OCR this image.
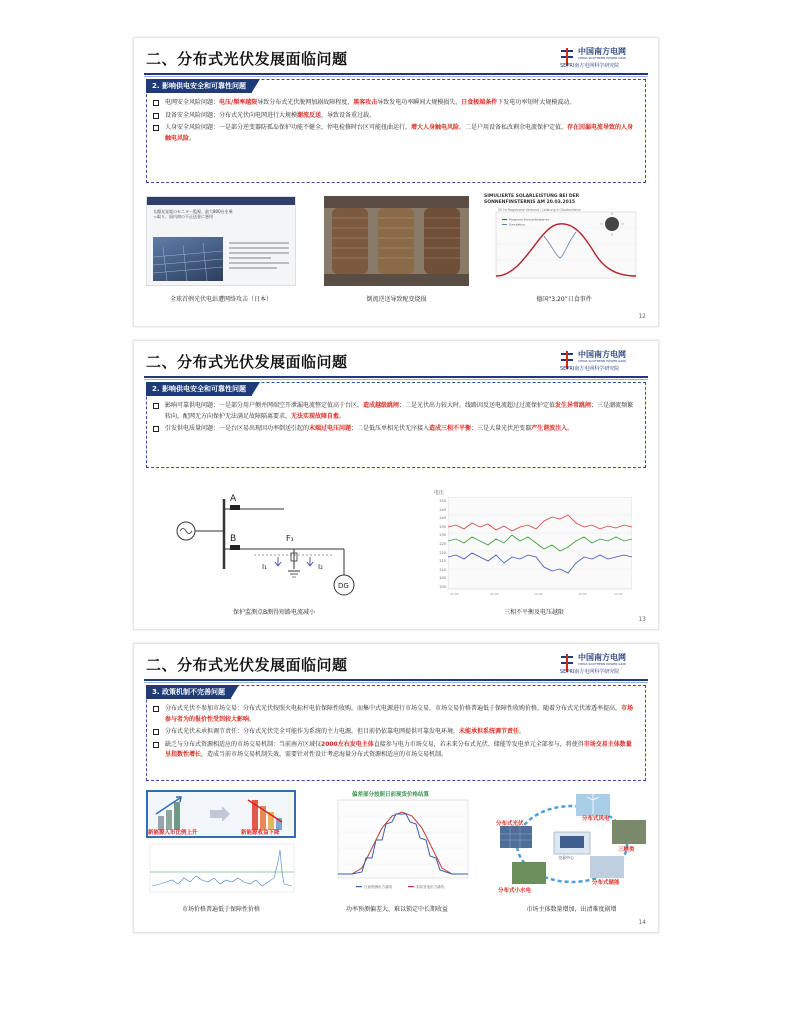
二、分布式光伏发展面临问题	中国南方电网
CHINA SOUTHERN POWER GRID
SEPRI南方电网科学研究院
2. 影响供电安全和可靠性问题
电网安全风险问题：电压/频率越限导致分布式光伏脱网加剧故障程度，黑客攻击导致发电功率瞬间大规模损失、日食极端条件下发电功率短时大规模波动。
设备安全风险问题：分布式光伏向电网进行大规模潮流反送，导致设备重过载。
人身安全风险问题：一是部分逆变器防孤岛保护功能不健全，停电检修时台区可能扭曲运行，增大人身触电风险。二是户用设备私改剩余电流保护定值，存在因漏电流导致的人身触电风险。
太陽光発電のモニター監視、最大800台を乗っ取り、国内初の不正送金に悪用
全球首例光伏电站遭网络攻击（日本）	倒流逆送导致配变烧损
SIMULIERTE SOLARLEISTUNG BEI DER SONNENFINSTERNIS AM 20.03.2015
50 Hz Regelzone Verbund / Leistung in Deutschland
Prognose Sonnenfinsternis
Simulation
德国“3.20”日食事件
12
二、分布式光伏发展面临问题	中国南方电网
CHINA SOUTHERN POWER GRID
SEPRI南方电网科学研究院
2. 影响供电安全和可靠性问题
影响可靠供电问题：一是部分用户侧并网端空开泄漏电流整定值高于台区，造成越级跳闸；二是光伏出力较大时，线路因反送电流超过过流保护定值发生异常跳闸；三是潮流频繁转向，配网无方向保护无法满足故障隔离要求，无法实现故障自愈。
引发供电质量问题：一是台区易出现因功率倒送引起的末端过电压问题；二是低压单相光伏无序接入造成三相不平衡；三是大量光伏逆变器产生谐波注入。
A
B	F₁
I₁	I₂
DG
保护监测点B测得短路电流减小
电压
250
245
240
235
230
225
220
215
210
205
200
00:00	06:00	12:00	18:00	24:00
三相不平衡及电压越限
13
二、分布式光伏发展面临问题	中国南方电网
CHINA SOUTHERN POWER GRID
SEPRI南方电网科学研究院
3. 政策机制不完善问题
分布式光伏不参加市场交易：分布式光伏按照火电标杆电价保障性收购，而集中式电源进行市场交易，市场交易价格普遍低于保障性收购价格，随着分布式光伏渗透率提高，市场参与者为的报价性受到较大影响。
分布式光伏未承担调节责任：分布式光伏完全可能作为系统的主力电源，但目前仍依靠电网提供可靠发电环境，未能承担系统调节责任。
缺乏与分布式资源相适应的市场交易机制：当前南方区域仅2000左右发电主体直接参与电力市场交易，若未来分布式光伏、储能等发电单元全部参与，将使得市场交易主体数量呈指数性增长，造成当前市场交易机制失效，需要针对性设计考虑海量分布式资源相适应的市场交易机制。
新能源入市比例上升	新能源收益下降
市场价格普遍低于保障性价格
偏差部分按照日前现货价格结算
日前预测出力曲线	实际发电出力曲线
功率预测偏差大，难以锁定中长期收益
分布式风电
分布式光伏
分布式储能
分布式小水电
交易中心
三峡类
市场主体数量增加，出清难度剧增
14
